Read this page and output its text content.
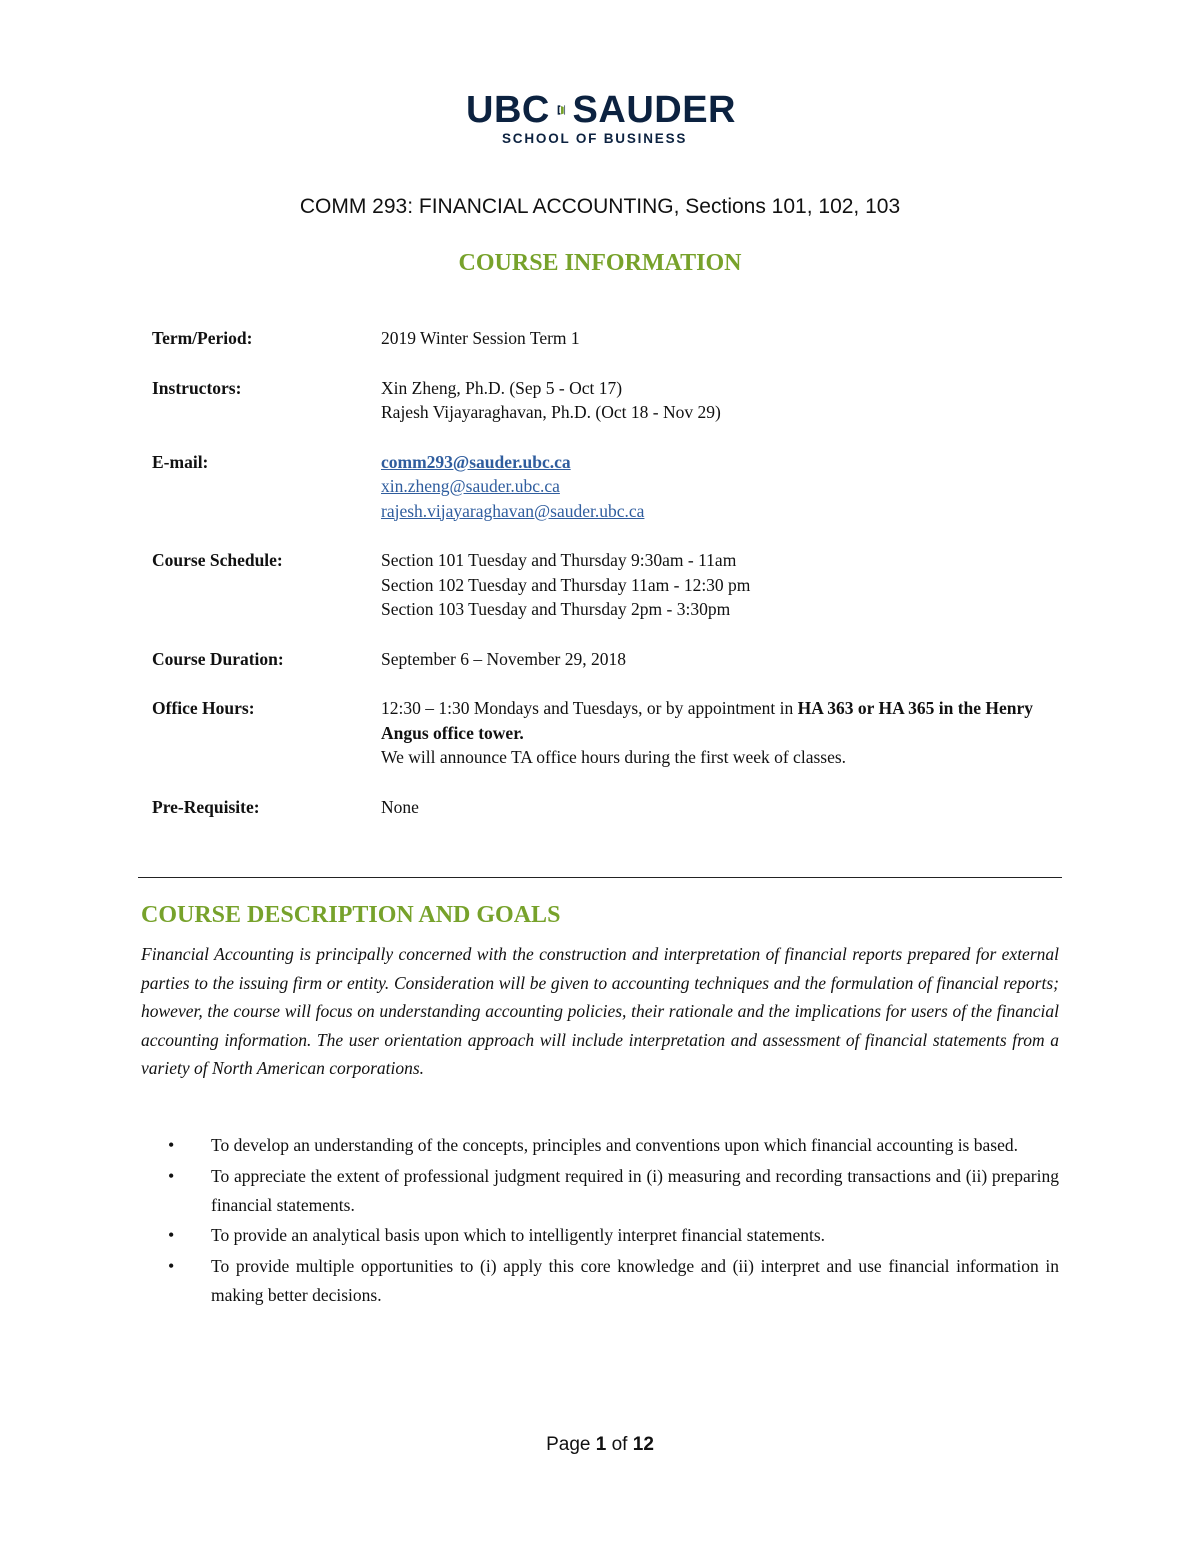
UBC SAUDER
SCHOOL OF BUSINESS
COMM 293: FINANCIAL ACCOUNTING, Sections 101, 102, 103
COURSE INFORMATION
Term/Period:	2019 Winter Session Term 1
Instructors:	Xin Zheng, Ph.D. (Sep 5 - Oct 17)
Rajesh Vijayaraghavan, Ph.D. (Oct 18 - Nov 29)
E-mail:	comm293@sauder.ubc.ca
xin.zheng@sauder.ubc.ca
rajesh.vijayaraghavan@sauder.ubc.ca
Course Schedule:	Section 101 Tuesday and Thursday 9:30am - 11am
Section 102 Tuesday and Thursday 11am - 12:30 pm
Section 103 Tuesday and Thursday 2pm - 3:30pm
Course Duration:	September 6 – November 29, 2018
Office Hours:	12:30 – 1:30 Mondays and Tuesdays, or by appointment in HA 363 or HA 365 in the Henry Angus office tower.
We will announce TA office hours during the first week of classes.
Pre-Requisite:	None
COURSE DESCRIPTION AND GOALS

Financial Accounting is principally concerned with the construction and interpretation of financial reports prepared for external parties to the issuing firm or entity. Consideration will be given to accounting techniques and the formulation of financial reports; however, the course will focus on understanding accounting policies, their rationale and the implications for users of the financial accounting information. The user orientation approach will include interpretation and assessment of financial statements from a variety of North American corporations.

•	To develop an understanding of the concepts, principles and conventions upon which financial accounting is based.
•	To appreciate the extent of professional judgment required in (i) measuring and recording transactions and (ii) preparing financial statements.
•	To provide an analytical basis upon which to intelligently interpret financial statements.
•	To provide multiple opportunities to (i) apply this core knowledge and (ii) interpret and use financial information in making better decisions.
Page 1 of 12
